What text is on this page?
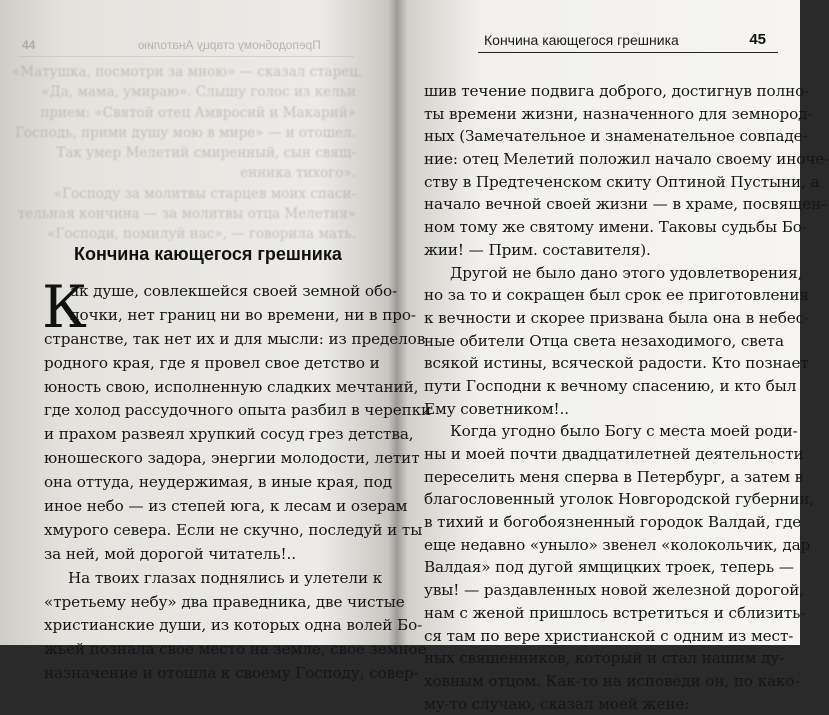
44	Преподобному старцу Анатолию
«Матушка, посмотри за мною» — сказал старец.
«Да, мама, умираю». Слышу голос из кельи
прием: «Святой отец Амвросий и Макарий»
Господь, прими душу мою в мире» — и отошел.
Так умер Мелетий смиренный, сын свящ-
енника тихого».
«Господу за молитвы старцев моих спаси-
тельная кончина — за молитвы отца Мелетия»
«Господи, помилуй нас», — говорила мать.
Кончина кающегося грешника
К
ак душе, совлекшейся своей земной обо-
лочки, нет границ ни во времени, ни в про-
странстве, так нет их и для мысли: из пределов
родного края, где я провел свое детство и
юность свою, исполненную сладких мечтаний,
где холод рассудочного опыта разбил в черепки
и прахом развеял хрупкий сосуд грез детства,
юношеского задора, энергии молодости, летит
она оттуда, неудержимая, в иные края, под
иное небо — из степей юга, к лесам и озерам
хмурого севера. Если не скучно, последуй и ты
за ней, мой дорогой читатель!..
На твоих глазах поднялись и улетели к
«третьему небу» два праведника, две чистые
христианские души, из которых одна волей Бо-
жьей познала свое место на земле, свое земное
назначение и отошла к своему Господу, совер-
Кончина кающегося грешника	45
шив течение подвига доброго, достигнув полно-
ты времени жизни, назначенного для земнород-
ных (Замечательное и знаменательное совпаде-
ние: отец Мелетий положил начало своему иноче-
ству в Предтеченском скиту Оптиной Пустыни, а
начало вечной своей жизни — в храме, посвящен-
ном тому же святому имени. Таковы судьбы Бо-
жии! — Прим. составителя).
Другой не было дано этого удовлетворения,
но за то и сокращен был срок ее приготовления
к вечности и скорее призвана была она в небес-
ные обители Отца света незаходимого, света
всякой истины, всяческой радости. Кто познает
пути Господни к вечному спасению, и кто был
Ему советником!..
Когда угодно было Богу с места моей роди-
ны и моей почти двадцатилетней деятельности
переселить меня сперва в Петербург, а затем в
благословенный уголок Новгородской губернии,
в тихий и богобоязненный городок Валдай, где
еще недавно «уныло» звенел «колокольчик, дар
Валдая» под дугой ямщицких троек, теперь —
увы! — раздавленных новой железной дорогой,
нам с женой пришлось встретиться и сблизить-
ся там по вере христианской с одним из мест-
ных священников, который и стал нашим ду-
ховным отцом. Как-то на исповеди он, по како-
му-то случаю, сказал моей жене:
